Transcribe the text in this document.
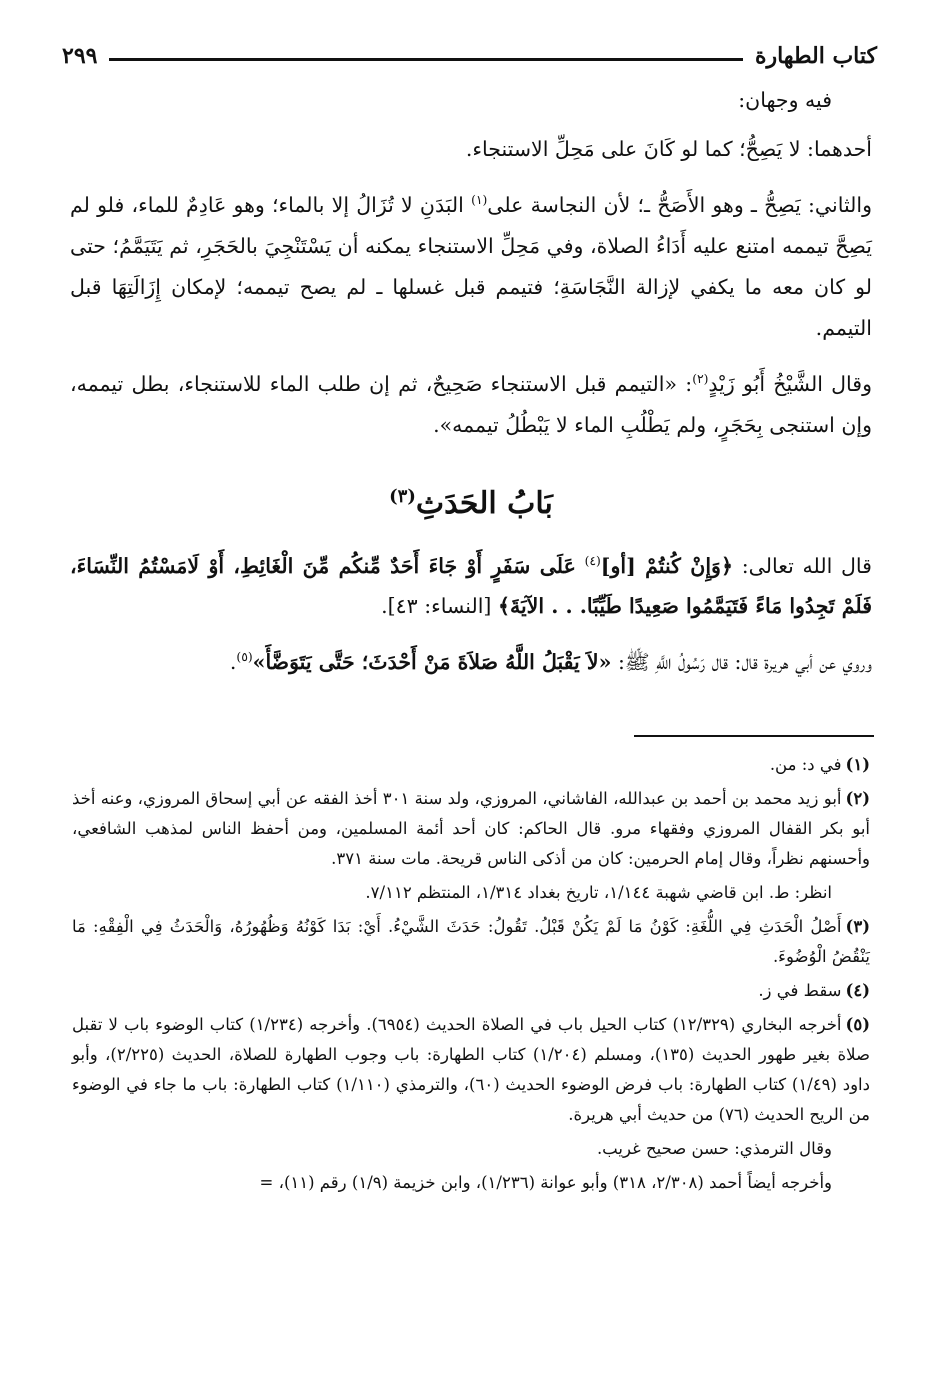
كتاب الطهارة
٢٩٩

فيه وجهان:

أحدهما: لا يَصِحُّ؛ كما لو كَانَ على مَحِلِّ الاستنجاء.

والثاني: يَصِحُّ ـ وهو الأَصَحُّ ـ؛ لأن النجاسة على$^{(١)}$ البَدَنِ لا تُزَالُ إلا بالماء؛ وهو عَادِمٌ للماء، فلو لم يَصِحَّ تيممه امتنع عليه أَدَاءُ الصلاة، وفي مَحِلِّ الاستنجاء يمكنه أن يَسْتَنْجِيَ بالحَجَرِ، ثم يَتَيَمَّمُ؛ حتى لو كان معه ما يكفي لإزالة النَّجَاسَةِ؛ فتيمم قبل غسلها ـ لم يصح تيممه؛ لإمكان إِزَالَتِهَا قبل التيمم.

وقال الشَّيْخُ أَبُو زَيْدٍ$^{(٢)}$: «التيمم قبل الاستنجاء صَحِيحٌ، ثم إن طلب الماء للاستنجاء، بطل تيممه، وإن استنجى بِحَجَرٍ، ولم يَطْلُبِ الماء لا يَبْطُلُ تيممه».

بَابُ الحَدَثِ$^{(٣)}$

قال الله تعالى: ﴿وَإِنْ كُنتُمْ [أو]$^{(٤)}$ عَلَى سَفَرٍ أَوْ جَاءَ أَحَدٌ مِّنكُم مِّنَ الْغَائِطِ، أَوْ لَامَسْتُمُ النِّسَاءَ، فَلَمْ تَجِدُوا مَاءً فَتَيَمَّمُوا صَعِيدًا طَيِّبًا. . . الآيَةَ﴾ [النساء: ٤٣].

وروي عن أبي هريرة قال: قال رَسُولُ اللَّهِ ﷺ: «لاَ يَقْبَلُ اللَّهُ صَلاَةَ مَنْ أَحْدَثَ؛ حَتَّى يَتَوَضَّأَ»$^{(٥)}$.

(١)في د: من.
(٢)أبو زيد محمد بن أحمد بن عبدالله، الفاشاني، المروزي، ولد سنة ٣٠١ أخذ الفقه عن أبي إسحاق المروزي، وعنه أخذ أبو بكر القفال المروزي وفقهاء مرو. قال الحاكم: كان أحد أئمة المسلمين، ومن أحفظ الناس لمذهب الشافعي، وأحسنهم نظراً، وقال إمام الحرمين: كان من أذكى الناس قريحة. مات سنة ٣٧١.
انظر: ط. ابن قاضي شهبة ١/١٤٤، تاريخ بغداد ١/٣١٤، المنتظم ٧/١١٢.
(٣)أَصْلُ الْحَدَثِ فِي اللُّغَةِ: كَوْنُ مَا لَمْ يَكُنْ قَبْلُ. تَقُولُ: حَدَثَ الشَّيْءُ. أَيْ: بَدَا كَوْنُهُ وَظُهُورُهُ، وَالْحَدَثُ فِي الْفِقْهِ: مَا يَنْقُضُ الْوُضُوءَ.
(٤)سقط في ز.
(٥)أخرجه البخاري (١٢/٣٢٩) كتاب الحيل باب في الصلاة الحديث (٦٩٥٤). وأخرجه (١/٢٣٤) كتاب الوضوء باب لا تقبل صلاة بغير طهور الحديث (١٣٥)، ومسلم (١/٢٠٤) كتاب الطهارة: باب وجوب الطهارة للصلاة، الحديث (٢/٢٢٥)، وأبو داود (١/٤٩) كتاب الطهارة: باب فرض الوضوء الحديث (٦٠)، والترمذي (١/١١٠) كتاب الطهارة: باب ما جاء في الوضوء من الريح الحديث (٧٦) من حديث أبي هريرة.
وقال الترمذي: حسن صحيح غريب.
وأخرجه أيضاً أحمد (٢/٣٠٨، ٣١٨) وأبو عوانة (١/٢٣٦)، وابن خزيمة (١/٩) رقم (١١)، =
